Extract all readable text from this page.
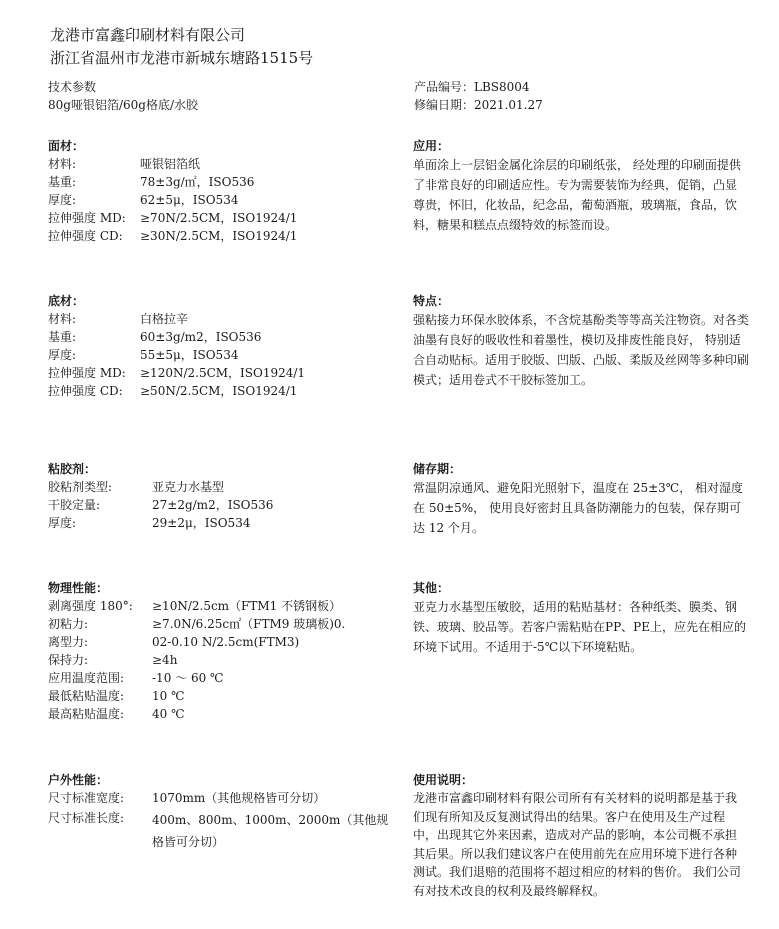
龙港市富鑫印刷材料有限公司
浙江省温州市龙港市新城东塘路1515号
技术参数
80g哑银铝箔/60g格底/水胶
产品编号：LBS8004
修编日期：2021.01.27
面材：
材料:	哑银铝箔纸
基重:	78±3g/㎡，ISO536
厚度:	62±5μ，ISO534
拉伸强度 MD:	≥70N/2.5CM，ISO1924/1
拉伸强度 CD:	≥30N/2.5CM，ISO1924/1
应用：
单面涂上一层铝金属化涂层的印刷纸张， 经处理的印刷面提供了非常良好的印刷适应性。专为需要装饰为经典，促销，凸显尊贵，怀旧，化妆品，纪念品，葡萄酒瓶，玻璃瓶，食品，饮料，糖果和糕点点缀特效的标签而设。
底材：
材料:	白格拉辛
基重:	60±3g/m2，ISO536
厚度:	55±5μ，ISO534
拉伸强度 MD:	≥120N/2.5CM，ISO1924/1
拉伸强度 CD:	≥50N/2.5CM，ISO1924/1
特点：
强粘接力环保水胶体系，不含烷基酚类等等高关注物资。对各类油墨有良好的吸收性和着墨性，模切及排废性能良好， 特别适合自动贴标。适用于胶版、凹版、凸版、柔版及丝网等多种印刷模式；适用卷式不干胶标签加工。
粘胶剂：
胶粘剂类型:	亚克力水基型
干胶定量:	27±2g/m2，ISO536
厚度:	29±2μ，ISO534
储存期：
常温阴凉通风、避免阳光照射下，温度在 25±3℃， 相对湿度在 50±5%， 使用良好密封且具备防潮能力的包装，保存期可达 12 个月。
物理性能：
剥离强度 180°:	≥10N/2.5cm（FTM1 不锈钢板）
初粘力:	≥7.0N/6.25c㎡（FTM9 玻璃板)0.
离型力:	02-0.10 N/2.5cm(FTM3)
保持力:	≥4h
应用温度范围:	-10 ～ 60 ℃
最低粘贴温度:	10 ℃
最高粘贴温度:	40 ℃
其他：
亚克力水基型压敏胶，适用的粘贴基材：各种纸类、膜类、钢铁、玻璃、胶品等。若客户需粘贴在PP、PE上，应先在相应的环境下试用。不适用于-5℃以下环境粘贴。
户外性能：
尺寸标准宽度:	1070mm（其他规格皆可分切）
尺寸标准长度:	400m、800m、1000m、2000m（其他规格皆可分切）
使用说明：
龙港市富鑫印刷材料有限公司所有有关材料的说明都是基于我们现有所知及反复测试得出的结果。客户在使用及生产过程中，出现其它外来因素，造成对产品的影响，本公司概不承担其后果。所以我们建议客户在使用前先在应用环境下进行各种测试。我们退赔的范围将不超过相应的材料的售价。 我们公司有对技术改良的权利及最终解释权。
